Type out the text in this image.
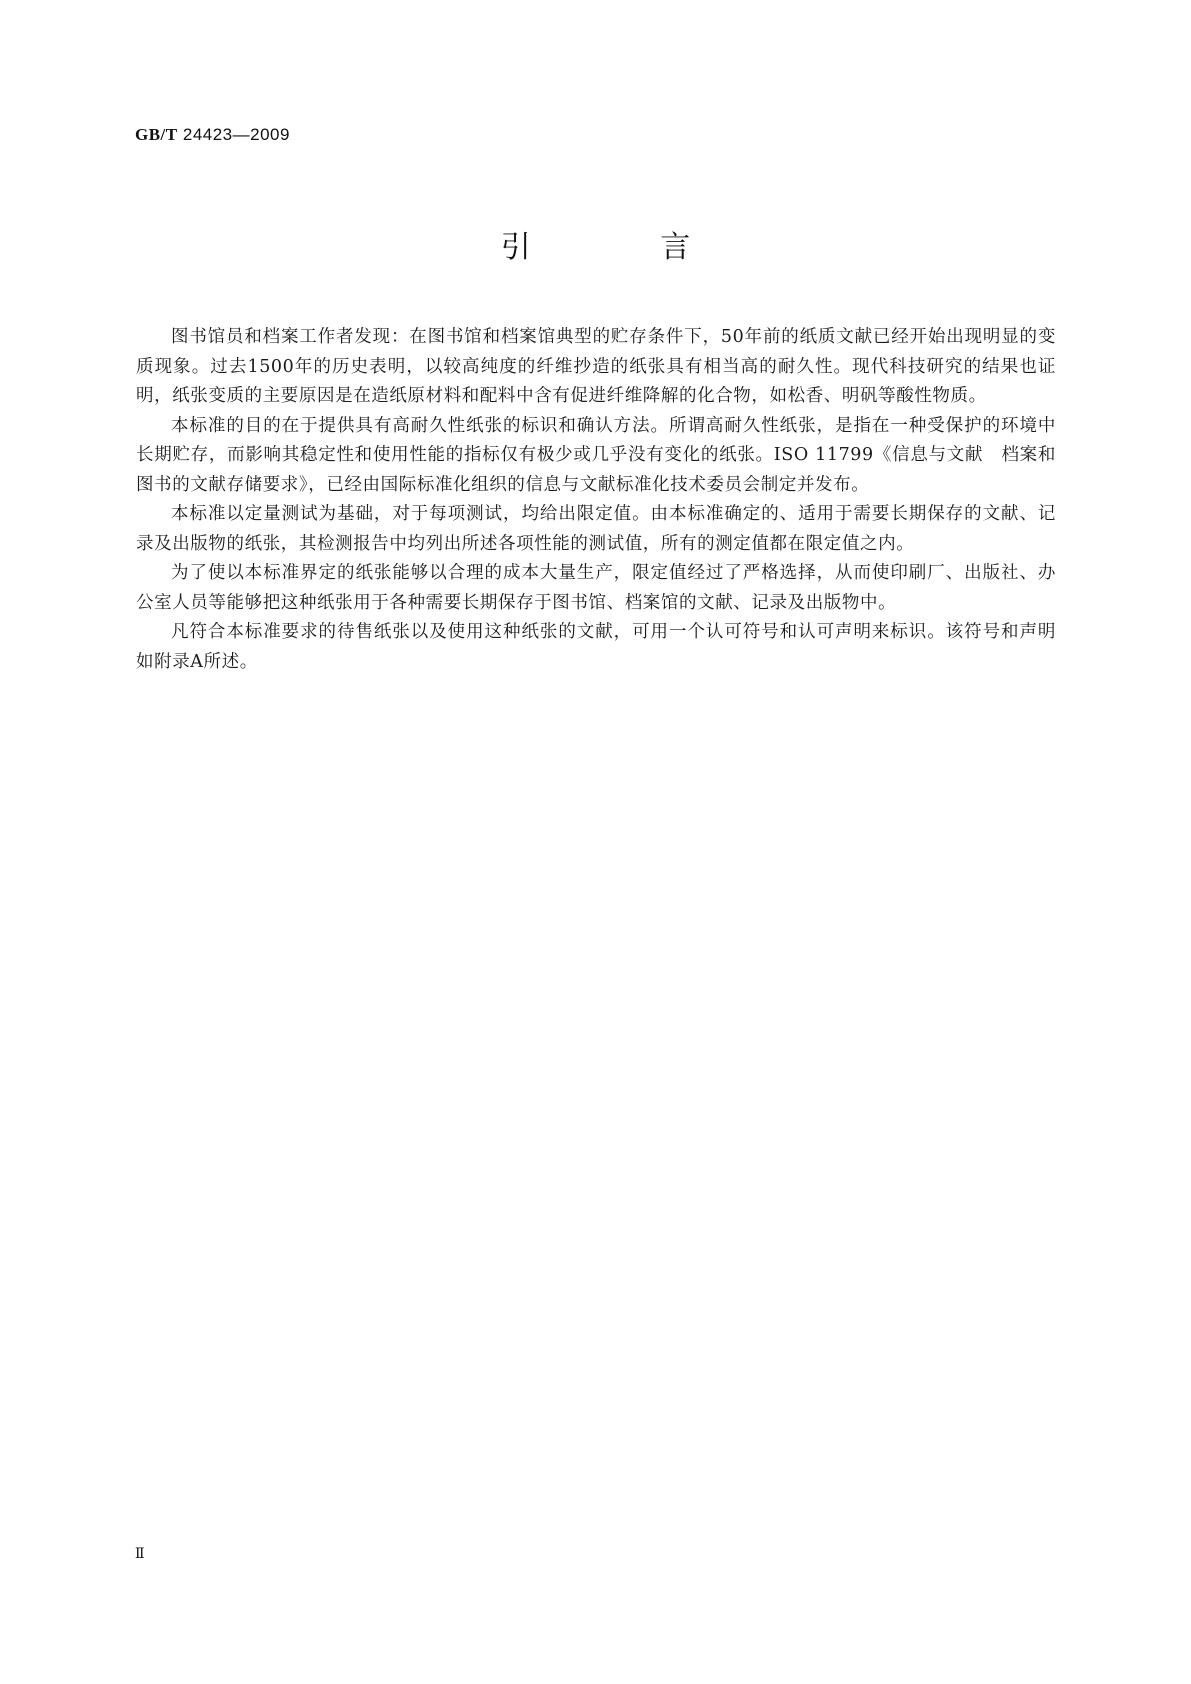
GB/T 24423—2009
引 言

图书馆员和档案工作者发现：在图书馆和档案馆典型的贮存条件下，50年前的纸质文献已经开始出现明显的变质现象。过去1500年的历史表明，以较高纯度的纤维抄造的纸张具有相当高的耐久性。现代科技研究的结果也证明，纸张变质的主要原因是在造纸原材料和配料中含有促进纤维降解的化合物，如松香、明矾等酸性物质。

本标准的目的在于提供具有高耐久性纸张的标识和确认方法。所谓高耐久性纸张，是指在一种受保护的环境中长期贮存，而影响其稳定性和使用性能的指标仅有极少或几乎没有变化的纸张。ISO 11799《信息与文献　档案和图书的文献存储要求》，已经由国际标准化组织的信息与文献标准化技术委员会制定并发布。

本标准以定量测试为基础，对于每项测试，均给出限定值。由本标准确定的、适用于需要长期保存的文献、记录及出版物的纸张，其检测报告中均列出所述各项性能的测试值，所有的测定值都在限定值之内。

为了使以本标准界定的纸张能够以合理的成本大量生产，限定值经过了严格选择，从而使印刷厂、出版社、办公室人员等能够把这种纸张用于各种需要长期保存于图书馆、档案馆的文献、记录及出版物中。

凡符合本标准要求的待售纸张以及使用这种纸张的文献，可用一个认可符号和认可声明来标识。该符号和声明如附录A所述。

Ⅱ
